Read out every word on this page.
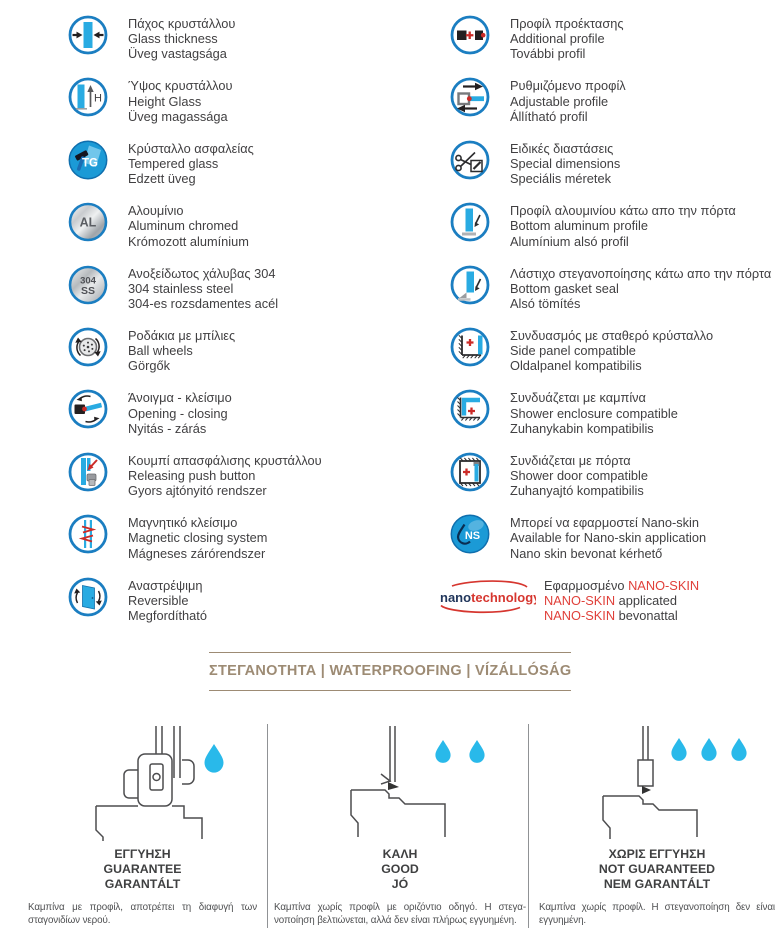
Πάχος κρυστάλλου
Glass thickness
Üveg vastagsága
H
Ύψος κρυστάλλου
Height Glass
Üveg magassága
TG
Κρύσταλλο ασφαλείας
Tempered glass
Edzett üveg
AL
Αλουμίνιο
Aluminum chromed
Krómozott alumínium
304
SS
Ανοξείδωτος χάλυβας 304
304 stainless steel
304-es rozsdamentes acél
Ροδάκια με μπίλιες
Ball wheels
Görgők
Άνοιγμα - κλείσιμο
Opening - closing
Nyitás - zárás
Κουμπί απασφάλισης κρυστάλλου
Releasing push button
Gyors ajtónyitó rendszer
Μαγνητικό κλείσιμο
Magnetic closing system
Mágneses zárórendszer
Αναστρέψιμη
Reversible
Megfordítható
Προφίλ προέκτασης
Additional profile
További profil
Ρυθμιζόμενο προφίλ
Adjustable profile
Állítható profil
Ειδικές διαστάσεις
Special dimensions
Speciális méretek
Προφίλ αλουμινίου κάτω απο την πόρτα
Bottom aluminum profile
Alumínium alsó profil
Λάστιχο στεγανοποίησης κάτω απο την πόρτα
Bottom gasket seal
Alsó tömítés
Συνδυασμός με σταθερό κρύσταλλο
Side panel compatible
Oldalpanel kompatibilis
Συνδυάζεται με καμπίνα
Shower enclosure compatible
Zuhanykabin kompatibilis
Συνδιάζεται με πόρτα
Shower door compatible
Zuhanyajtó kompatibilis
NS
Μπορεί να εφαρμοστεί Nano-skin
Available for Nano-skin application
Nano skin bevonat kérhető
nanotechnology
Εφαρμοσμένο NANO-SKIN
NANO-SKIN applicated
NANO-SKIN bevonattal
ΣΤΕΓΑΝΟΤΗΤΑ | WATERPROOFING | VÍZÁLLÓSÁG
ΕΓΓΥΗΣΗ
GUARANTEE
GARANTÁLT
Καμπίνα με προφίλ, αποτρέπει τη διαφυγή των
σταγονιδίων νερού.
ΚΑΛΗ
GOOD
JÓ
Καμπίνα χωρίς προφίλ με οριζόντιο οδηγό. Η στεγα-
νοποίηση βελτιώνεται, αλλά δεν είναι πλήρως εγγυημένη.
ΧΩΡΙΣ ΕΓΓΥΗΣΗ
NOT GUARANTEED
NEM GARANTÁLT
Καμπίνα χωρίς προφίλ. Η στεγανοποίηση δεν είναι
εγγυημένη.
